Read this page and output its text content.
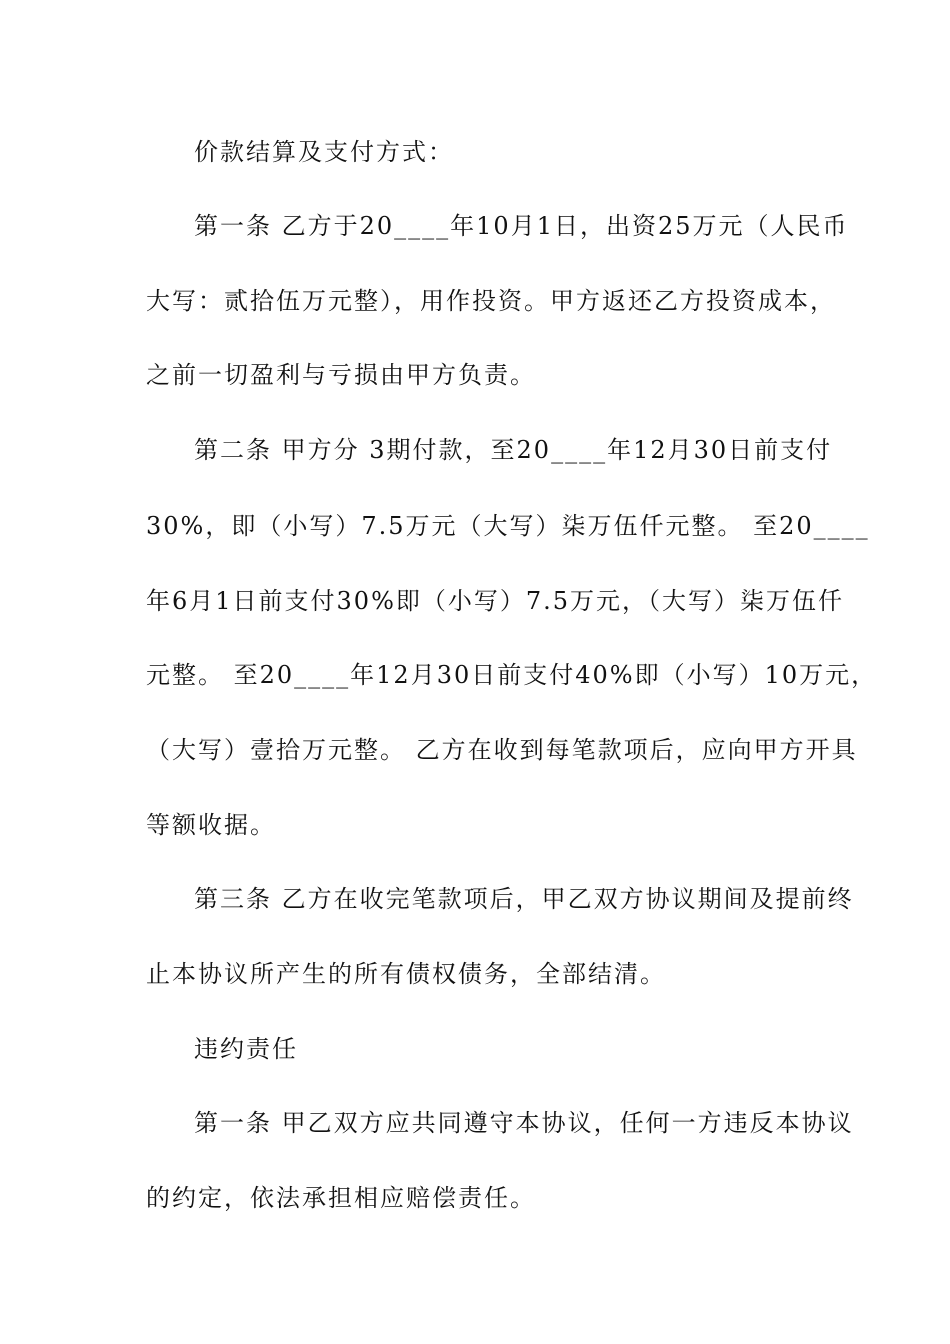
价款结算及支付方式：
第一条 乙方于20____年10月1日，出资25万元（人民币
大写：贰拾伍万元整），用作投资。甲方返还乙方投资成本，
之前一切盈利与亏损由甲方负责。
第二条 甲方分 3期付款，至20____年12月30日前支付
30%，即（小写）7.5万元（大写）柒万伍仟元整。 至20____
年6月1日前支付30%即（小写）7.5万元，（大写）柒万伍仟
元整。 至20____年12月30日前支付40%即（小写）10万元，
（大写）壹拾万元整。 乙方在收到每笔款项后，应向甲方开具
等额收据。
第三条 乙方在收完笔款项后，甲乙双方协议期间及提前终
止本协议所产生的所有债权债务，全部结清。
违约责任
第一条 甲乙双方应共同遵守本协议，任何一方违反本协议
的约定，依法承担相应赔偿责任。
